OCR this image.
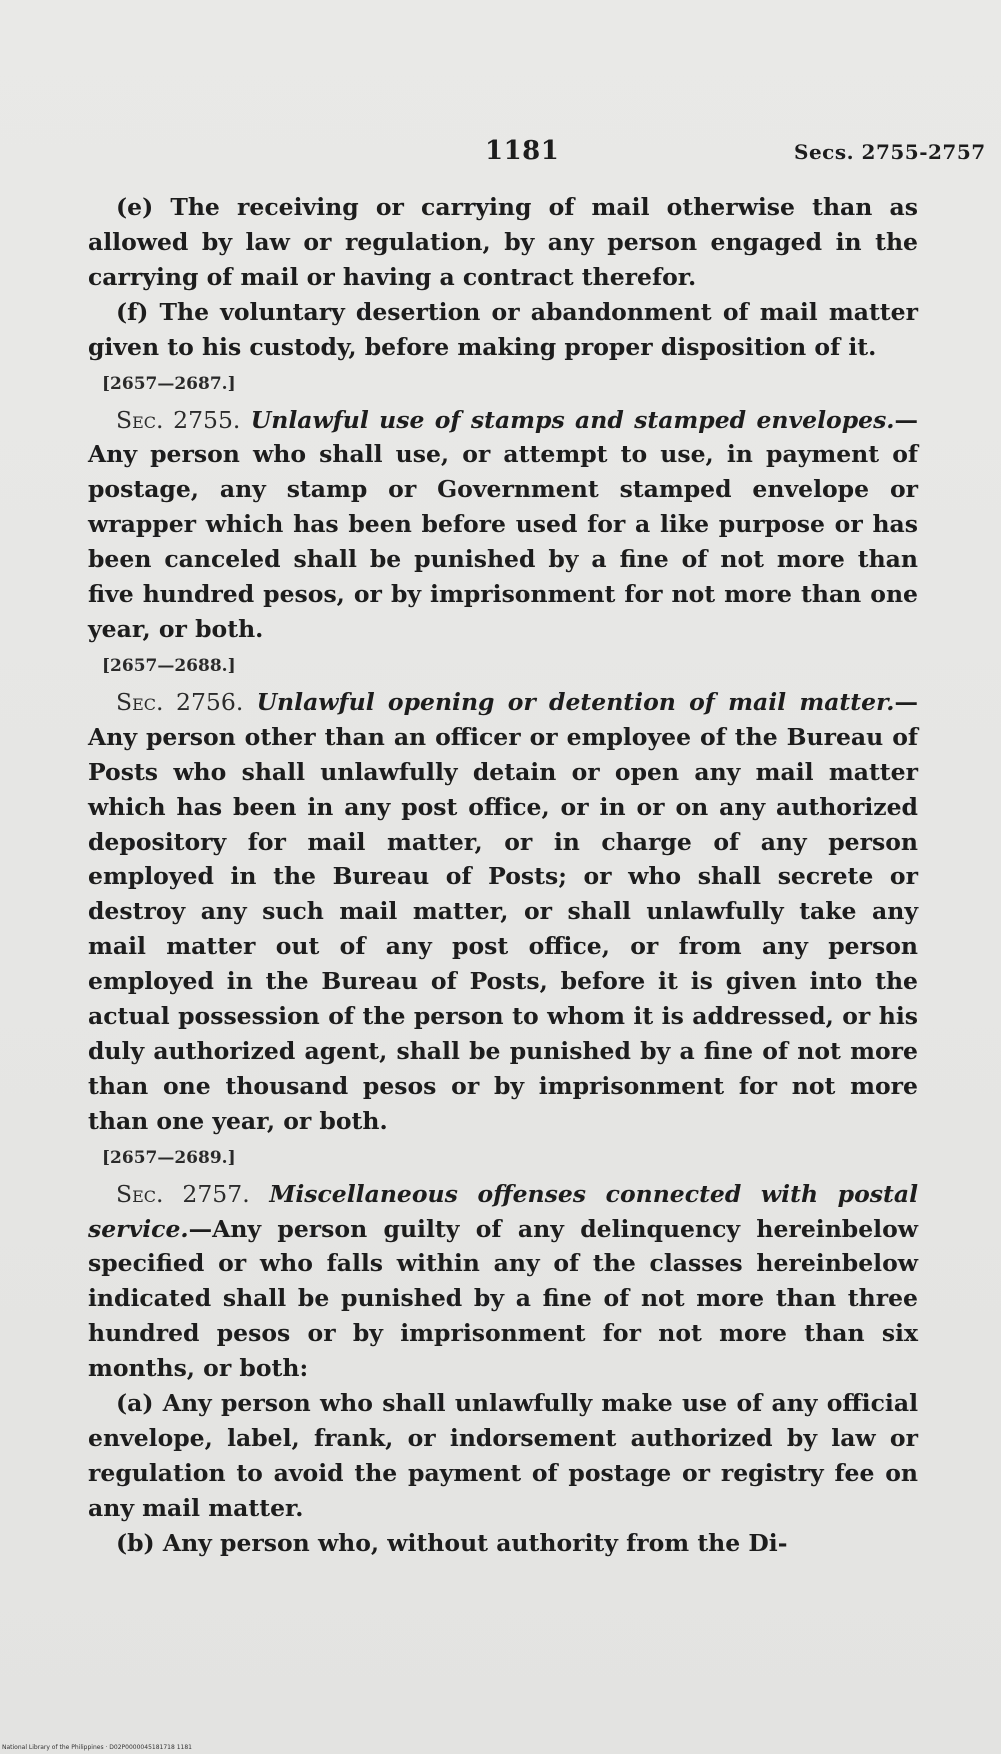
1181	Secs. 2755-2757

(e) The receiving or carrying of mail otherwise than as allowed by law or regulation, by any person engaged in the carrying of mail or having a contract therefor.

(f) The voluntary desertion or abandonment of mail matter given to his custody, before making proper disposition of it.

[2657—2687.]

Sec. 2755. Unlawful use of stamps and stamped envelopes.—Any person who shall use, or attempt to use, in payment of postage, any stamp or Government stamped envelope or wrapper which has been before used for a like purpose or has been canceled shall be punished by a fine of not more than five hundred pesos, or by imprisonment for not more than one year, or both.

[2657—2688.]

Sec. 2756. Unlawful opening or detention of mail matter.—Any person other than an officer or employee of the Bureau of Posts who shall unlawfully detain or open any mail matter which has been in any post office, or in or on any authorized depository for mail matter, or in charge of any person employed in the Bureau of Posts; or who shall secrete or destroy any such mail matter, or shall unlawfully take any mail matter out of any post office, or from any person employed in the Bureau of Posts, before it is given into the actual possession of the person to whom it is addressed, or his duly authorized agent, shall be punished by a fine of not more than one thousand pesos or by imprisonment for not more than one year, or both.

[2657—2689.]

Sec. 2757. Miscellaneous offenses connected with postal service.—Any person guilty of any delinquency hereinbelow specified or who falls within any of the classes hereinbelow indicated shall be punished by a fine of not more than three hundred pesos or by imprisonment for not more than six months, or both:

(a) Any person who shall unlawfully make use of any official envelope, label, frank, or indorsement authorized by law or regulation to avoid the payment of postage or registry fee on any mail matter.

(b) Any person who, without authority from the Di-

National Library of the Philippines · D02P0000045181718 1181
